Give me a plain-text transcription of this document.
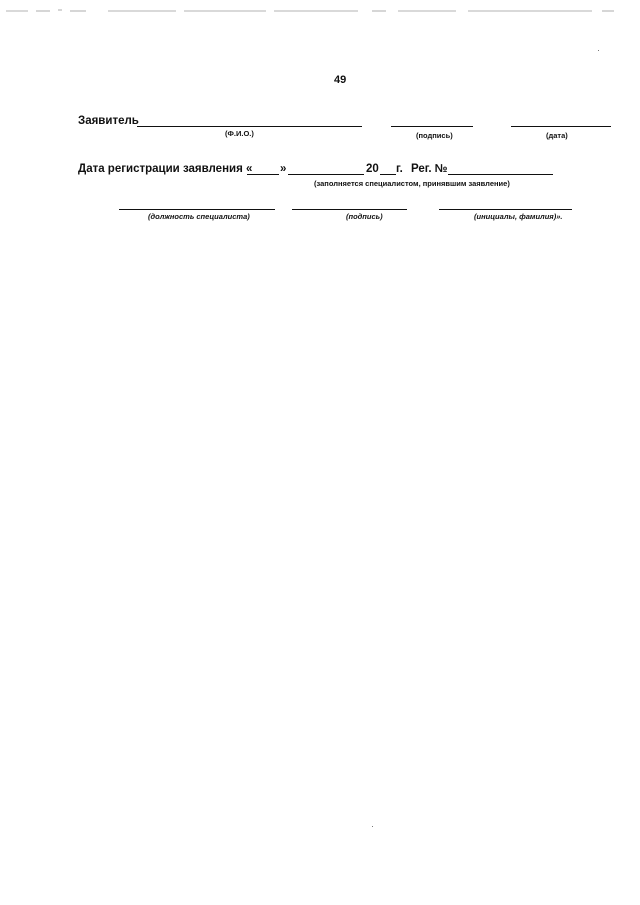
49
Заявитель
(Ф.И.О.)	(подпись)	(дата)
Дата регистрации заявления « »	20 г. Рег. №
(заполняется специалистом, принявшим заявление)
(должность специалиста)	(подпись)	(инициалы, фамилия)».
